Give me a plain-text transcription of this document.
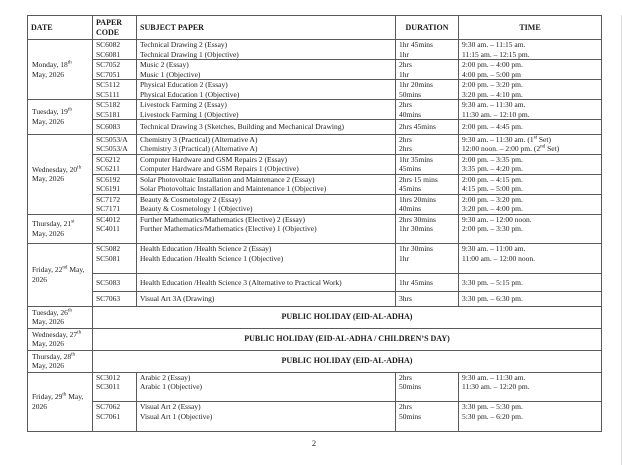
DATE	PAPER CODE	SUBJECT PAPER	DURATION	TIME

Monday, 18th
May, 2026	SC6082	Technical Drawing 2 (Essay)	1hr 45mins	9:30 am. – 11:15 am.
	SC6081	Technical Drawing 1 (Objective)	1hr	11:15 am. – 12:15 pm.
	SC7052	Music 2 (Essay)	2hrs	2:00 pm. – 4:00 pm.
	SC7051	Music 1 (Objective)	1hr	4:00 pm. – 5:00 pm
	SC5112	Physical Education 2 (Essay)	1hr 20mins	2:00 pm. – 3:20 pm.
	SC5111	Physical Education 1 (Objective)	50mins	3:20 pm. – 4:10 pm.

Tuesday, 19th
May, 2026	SC5182	Livestock Farming 2 (Essay)	2hrs	9:30 am. – 11:30 am.
	SC5181	Livestock Farming 1 (Objective)	40mins	11:30 am. – 12:10 pm.
	SC6083	Technical Drawing 3 (Sketches, Building and Mechanical Drawing)	2hrs 45mins	2:00 pm. – 4:45 pm.

Wednesday, 20th
May, 2026	SC5053/A	Chemistry 3 (Practical) (Alternative A)	2hrs	9:30 am. – 11:30 am. (1st Set)
	SC5053/A	Chemistry 3 (Practical) (Alternative A)	2hrs	12:00 noon. – 2:00 pm. (2nd Set)
	SC6212	Computer Hardware and GSM Repairs 2 (Essay)	1hr 35mins	2:00 pm. – 3:35 pm.
	SC6211	Computer Hardware and GSM Repairs 1 (Objective)	45mins	3:35 pm. – 4:20 pm.
	SC6192	Solar Photovoltaic Installation and Maintenance 2 (Essay)	2hrs 15 mins	2:00 pm. – 4:15 pm.
	SC6191	Solar Photovoltaic Installation and Maintenance 1 (Objective)	45mins	4:15 pm. – 5:00 pm.
	SC7172	Beauty & Cosmetology 2 (Essay)	1hrs 20mins	2:00 pm. – 3:20 pm.
	SC7171	Beauty & Cosmetology 1 (Objective)	40mins	3:20 pm. – 4:00 pm.

Thursday, 21st
May, 2026	SC4012	Further Mathematics/Mathematics (Elective) 2 (Essay)	2hrs 30mins	9:30 am. – 12:00 noon.
	SC4011	Further Mathematics/Mathematics (Elective) 1 (Objective)	1hr 30mins	2:00 pm. – 3:30 pm.

Friday, 22nd May,
2026	SC5082	Health Education /Health Science 2 (Essay)	1hr 30mins	9:30 am. – 11:00 am.
	SC5081	Health Education /Health Science 1 (Objective)	1hr	11:00 am. – 12:00 noon.

	SC5083	Health Education /Health Science 3 (Alternative to Practical Work)	1hr 45mins	3:30 pm. – 5:15 pm.
	SC7063	Visual Art 3A (Drawing)	3hrs	3:30 pm. – 6:30 pm.

Tuesday, 26th
May, 2026	PUBLIC HOLIDAY (EID-AL-ADHA)			

Wednesday, 27th
May, 2026	PUBLIC HOLIDAY (EID-AL-ADHA / CHILDREN’S DAY)			

Thursday, 28th
May, 2026	PUBLIC HOLIDAY (EID-AL-ADHA)			

Friday, 29th May,
2026	SC3012	Arabic 2 (Essay)	2hrs	9:30 am. – 11:30 am.
	SC3011	Arabic 1 (Objective)	50mins	11:30 am. – 12:20 pm.

	SC7062	Visual Art 2 (Essay)	2hrs	3:30 pm. – 5:30 pm.
	SC7061	Visual Art 1 (Objective)	50mins	5:30 pm. – 6:20 pm.

2
